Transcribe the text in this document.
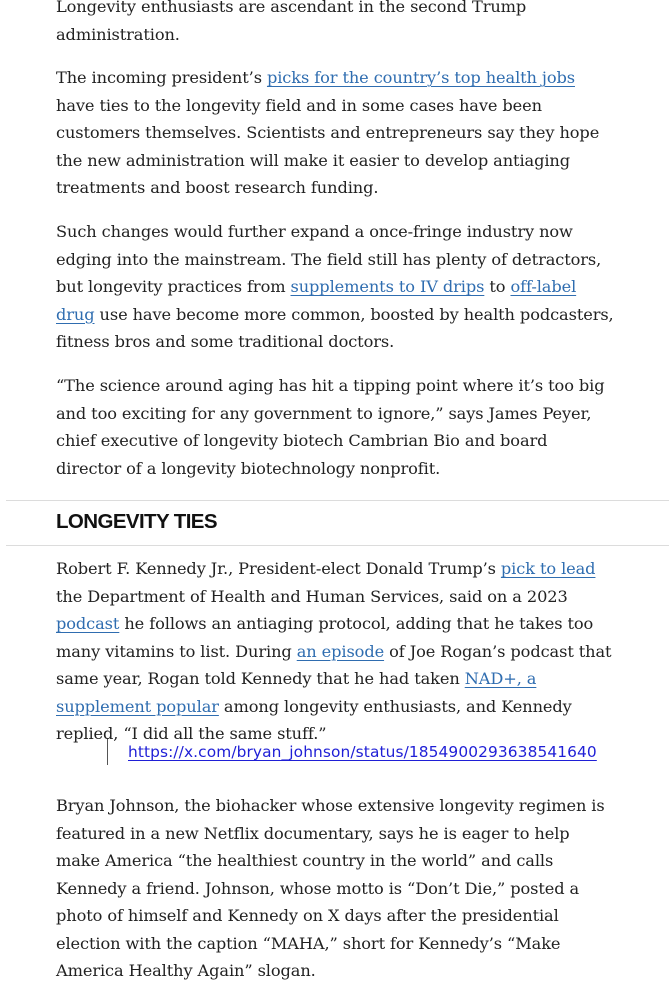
Longevity enthusiasts are ascendant in the second Trump administration.

The incoming president’s picks for the country’s top health jobs have ties to the longevity field and in some cases have been customers themselves. Scientists and entrepreneurs say they hope the new administration will make it easier to develop antiaging treatments and boost research funding.

Such changes would further expand a once-fringe industry now edging into the mainstream. The field still has plenty of detractors, but longevity practices from supplements to IV drips to off-label drug use have become more common, boosted by health podcasters, fitness bros and some traditional doctors.

“The science around aging has hit a tipping point where it’s too big and too exciting for any government to ignore,” says James Peyer, chief executive of longevity biotech Cambrian Bio and board director of a longevity biotechnology nonprofit.

LONGEVITY TIES

Robert F. Kennedy Jr., President-elect Donald Trump’s pick to lead the Department of Health and Human Services, said on a 2023 podcast he follows an antiaging protocol, adding that he takes too many vitamins to list. During an episode of Joe Rogan’s podcast that same year, Rogan told Kennedy that he had taken NAD+, a supplement popular among longevity enthusiasts, and Kennedy replied, “I did all the same stuff.”

https://x.com/bryan_johnson/status/1854900293638541640

Bryan Johnson, the biohacker whose extensive longevity regimen is featured in a new Netflix documentary, says he is eager to help make America “the healthiest country in the world” and calls Kennedy a friend. Johnson, whose motto is “Don’t Die,” posted a photo of himself and Kennedy on X days after the presidential election with the caption “MAHA,” short for Kennedy’s “Make America Healthy Again” slogan.
